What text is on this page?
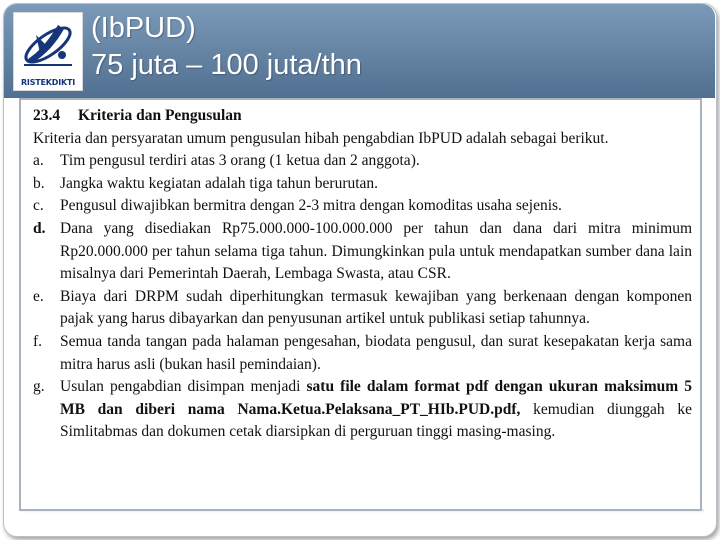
RISTEKDIKTI
(IbPUD)
75 juta – 100 juta/thn
23.4 Kriteria dan Pengusulan
Kriteria dan persyaratan umum pengusulan hibah pengabdian IbPUD adalah sebagai berikut.
a.	Tim pengusul terdiri atas 3 orang (1 ketua dan 2 anggota).
b. Jangka waktu kegiatan adalah tiga tahun berurutan.
c.	Pengusul diwajibkan bermitra dengan 2-3 mitra dengan komoditas usaha sejenis.
d. Dana yang disediakan Rp75.000.000-100.000.000 per tahun dan dana dari mitra minimum Rp20.000.000 per tahun selama tiga tahun. Dimungkinkan pula untuk mendapatkan sumber dana lain misalnya dari Pemerintah Daerah, Lembaga Swasta, atau CSR.
e.	Biaya dari DRPM sudah diperhitungkan termasuk kewajiban yang berkenaan dengan komponen pajak yang harus dibayarkan dan penyusunan artikel untuk publikasi setiap tahunnya.
f.	Semua tanda tangan pada halaman pengesahan, biodata pengusul, dan surat kesepakatan kerja sama mitra harus asli (bukan hasil pemindaian).
g. Usulan pengabdian disimpan menjadi satu file dalam format pdf dengan ukuran maksimum 5 MB dan diberi nama Nama.Ketua.Pelaksana_PT_HIb.PUD.pdf, kemudian diunggah ke Simlitabmas dan dokumen cetak diarsipkan di perguruan tinggi masing-masing.
